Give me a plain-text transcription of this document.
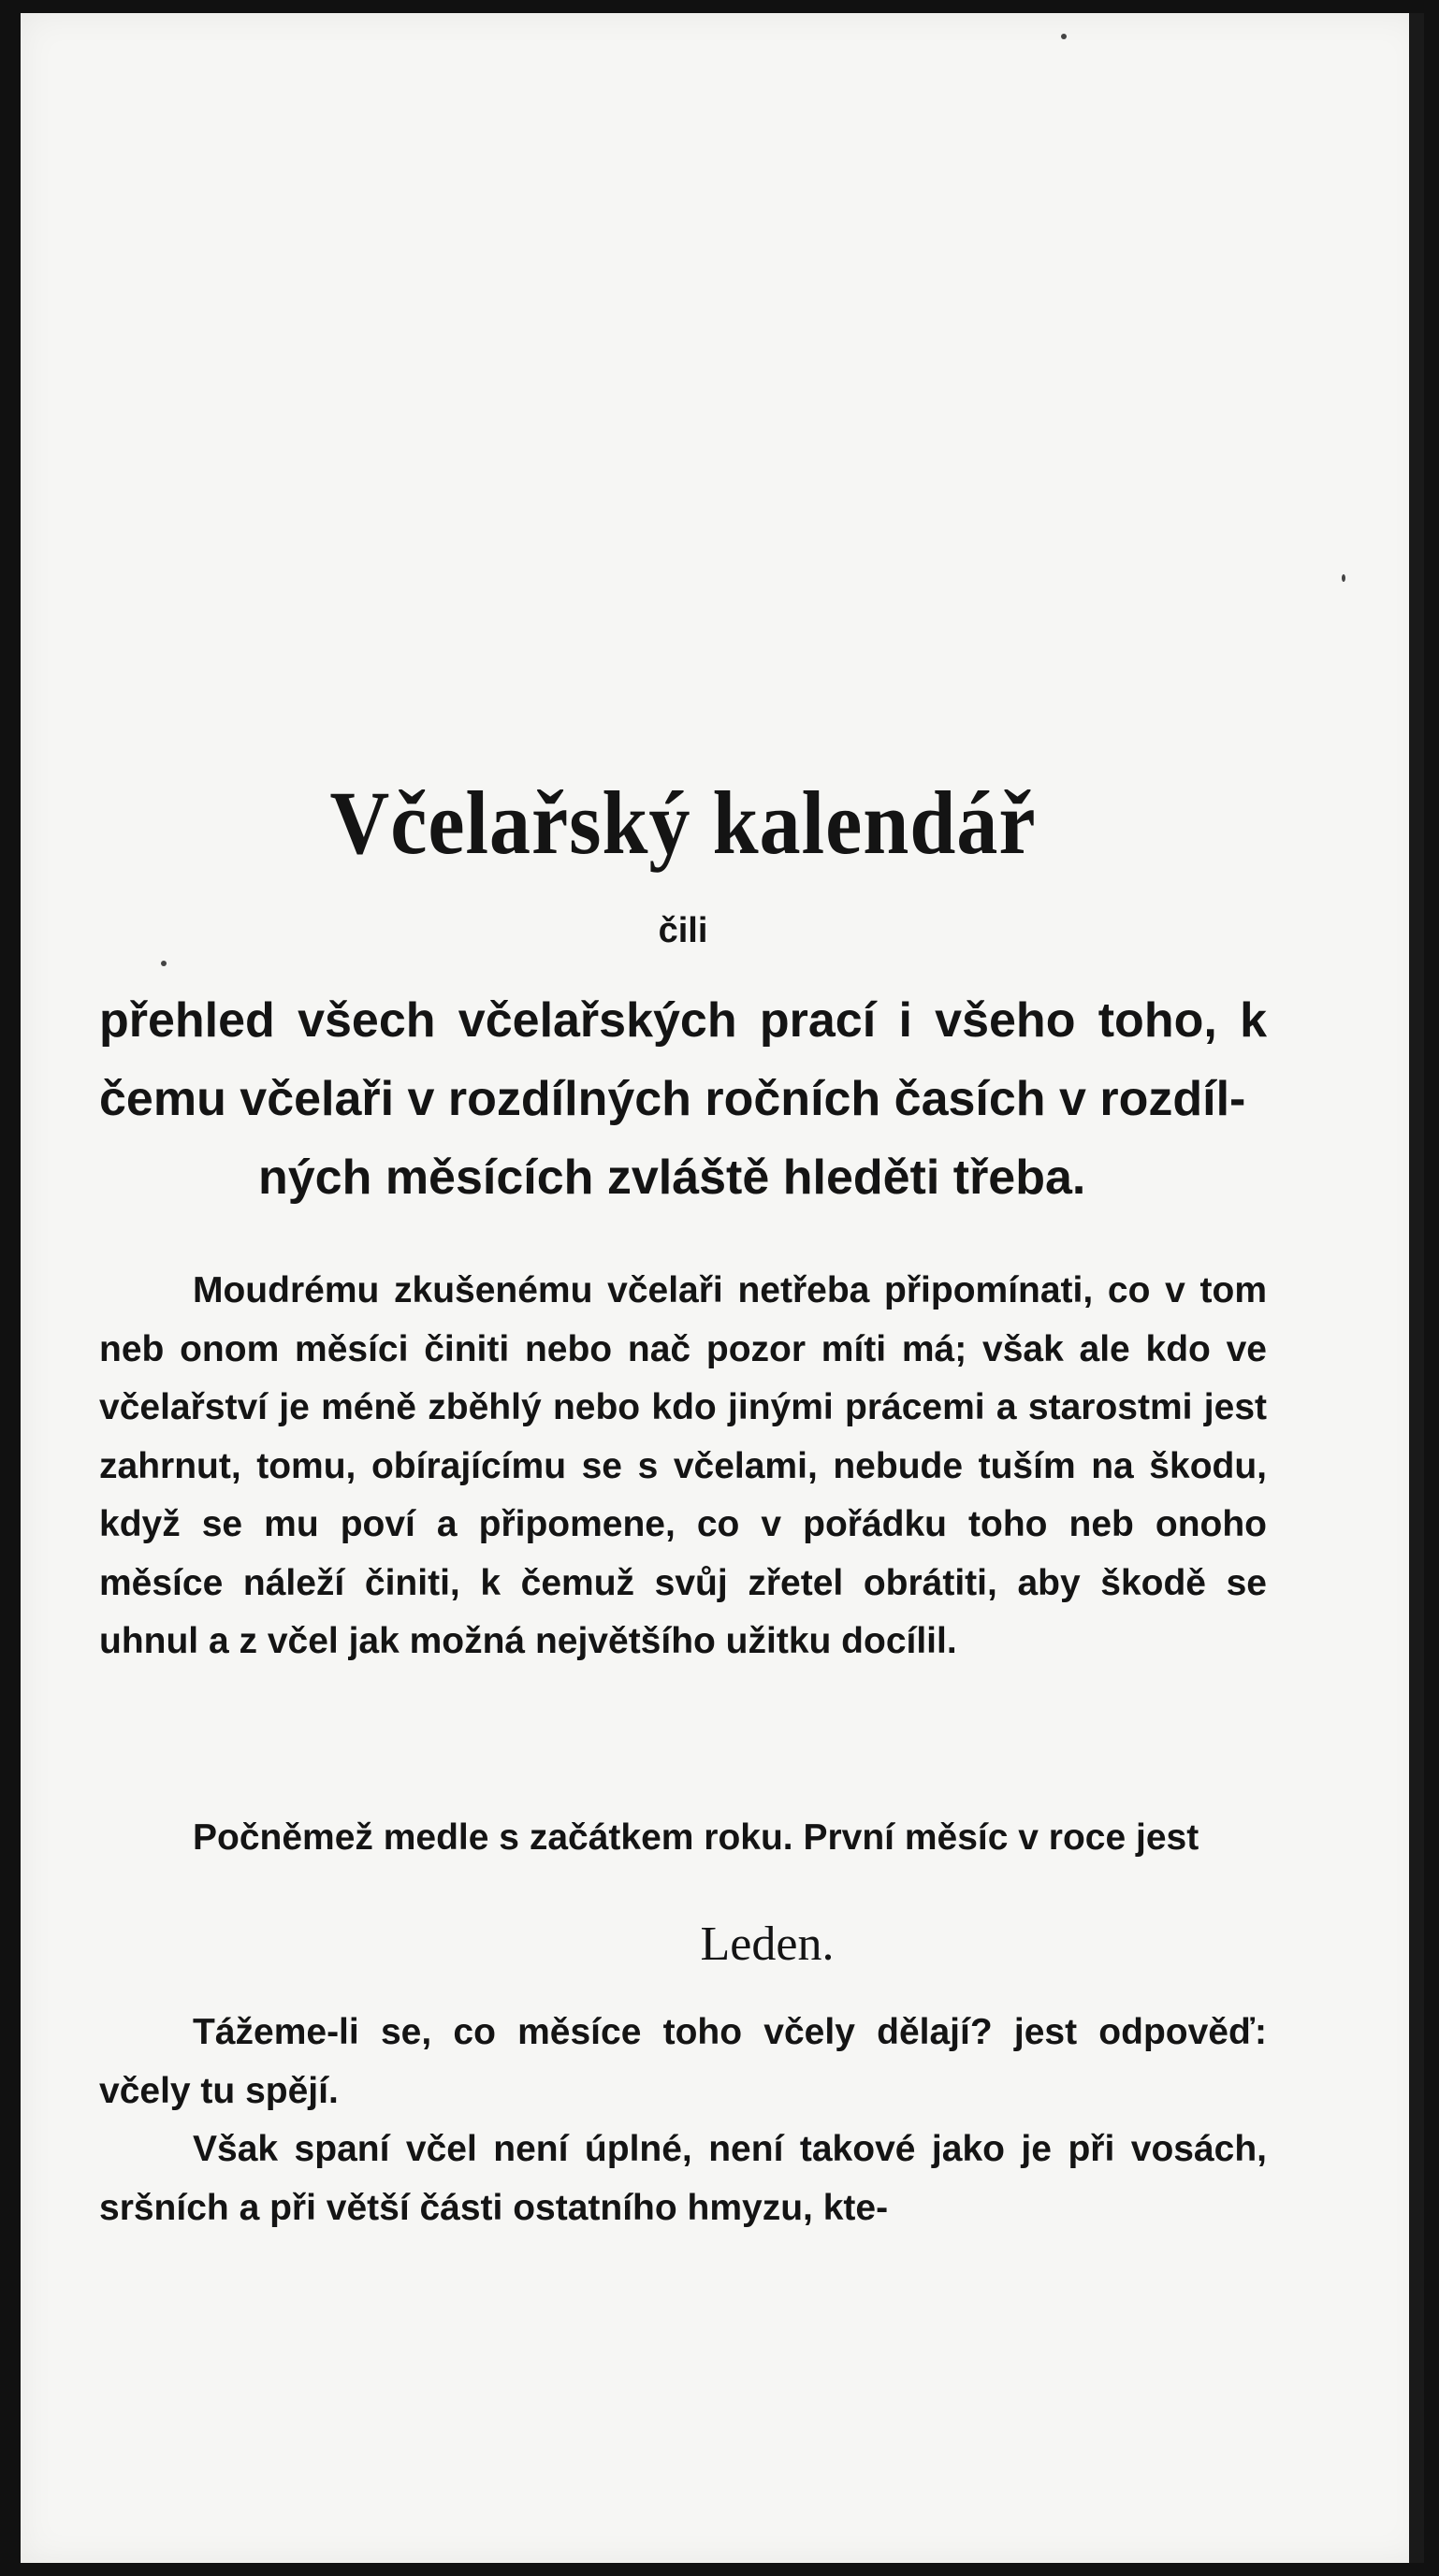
Včelařský kalendář
čili
přehled všech včelařských prací i všeho toho, k čemu včelaři v rozdílných ročních časích v rozdíl-
ných měsících zvláště hleděti třeba.

Moudrému zkušenému včelaři netřeba připomínati, co v tom neb onom měsíci činiti nebo nač pozor míti má; však ale kdo ve včelařství je méně zběhlý nebo kdo jinými prácemi a starostmi jest zahrnut, tomu, obírajícímu se s včelami, nebude tuším na škodu, když se mu poví a připomene, co v pořádku toho neb onoho měsíce náleží činiti, k čemuž svůj zřetel obrátiti, aby škodě se uhnul a z včel jak možná největšího užitku docílil.

Počněmež medle s začátkem roku. První měsíc v roce jest

Leden.

Tážeme-li se, co měsíce toho včely dělají? jest odpověď: včely tu spějí.

Však spaní včel není úplné, není takové jako je při vosách, sršních a při větší části ostatního hmyzu, kte-
